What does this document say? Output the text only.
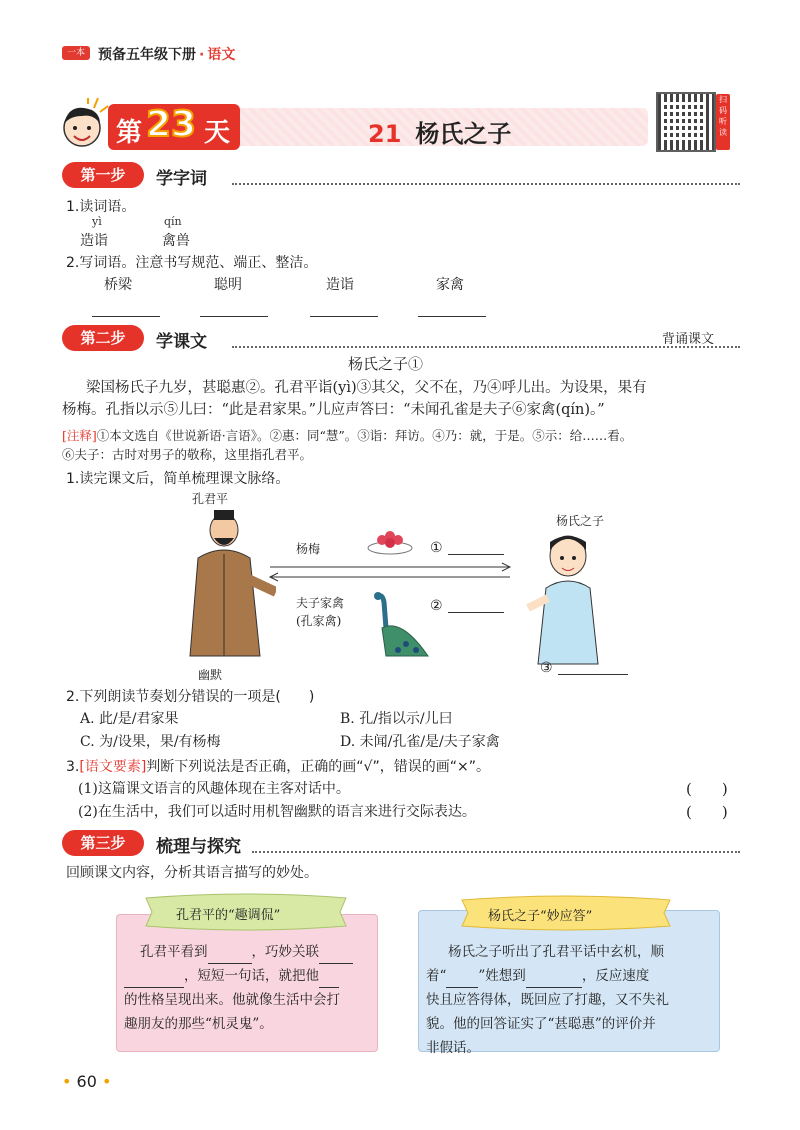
一本 预备五年级下册 · 语文
第 23 天	21 杨氏之子
扫码听读
第一步	学字词
1.读词语。
yì
造诣
qín
禽兽
2.写词语。注意书写规范、端正、整洁。
桥梁	聪明	造诣	家禽
第二步	学课文	背诵课文
杨氏之子①
梁国杨氏子九岁，甚聪惠②。孔君平诣(yì)③其父，父不在，乃④呼儿出。为设果，果有
杨梅。孔指以示⑤儿曰：“此是君家果。”儿应声答曰：“未闻孔雀是夫子⑥家禽(qín)。”
[注释]①本文选自《世说新语·言语》。②惠：同“慧”。③诣：拜访。④乃：就，于是。⑤示：给……看。
⑥夫子：古时对男子的敬称，这里指孔君平。
1.读完课文后，简单梳理课文脉络。
孔君平
杨氏之子
幽默
杨梅	①
夫子家禽
(孔家禽)
②
③
2.下列朗读节奏划分错误的一项是(　　)
A. 此/是/君家果	B. 孔/指以示/儿曰
C. 为/设果，果/有杨梅	D. 未闻/孔雀/是/夫子家禽
3.[语文要素]判断下列说法是否正确，正确的画“√”，错误的画“×”。
(1)这篇课文语言的风趣体现在主客对话中。	(　　)
(2)在生活中，我们可以适时用机智幽默的语言来进行交际表达。	(　　)
第三步	梳理与探究
回顾课文内容，分析其语言描写的妙处。
孔君平的“趣调侃”
孔君平看到	，巧妙关联
，短短一句话，就把他
的性格呈现出来。他就像生活中会打
趣朋友的那些“机灵鬼”。
杨氏之子“妙应答”
杨氏之子听出了孔君平话中玄机，顺
着“ ”姓想到	，反应速度
快且应答得体，既回应了打趣，又不失礼
貌。他的回答证实了“甚聪惠”的评价并
非假话。
• 60 •
